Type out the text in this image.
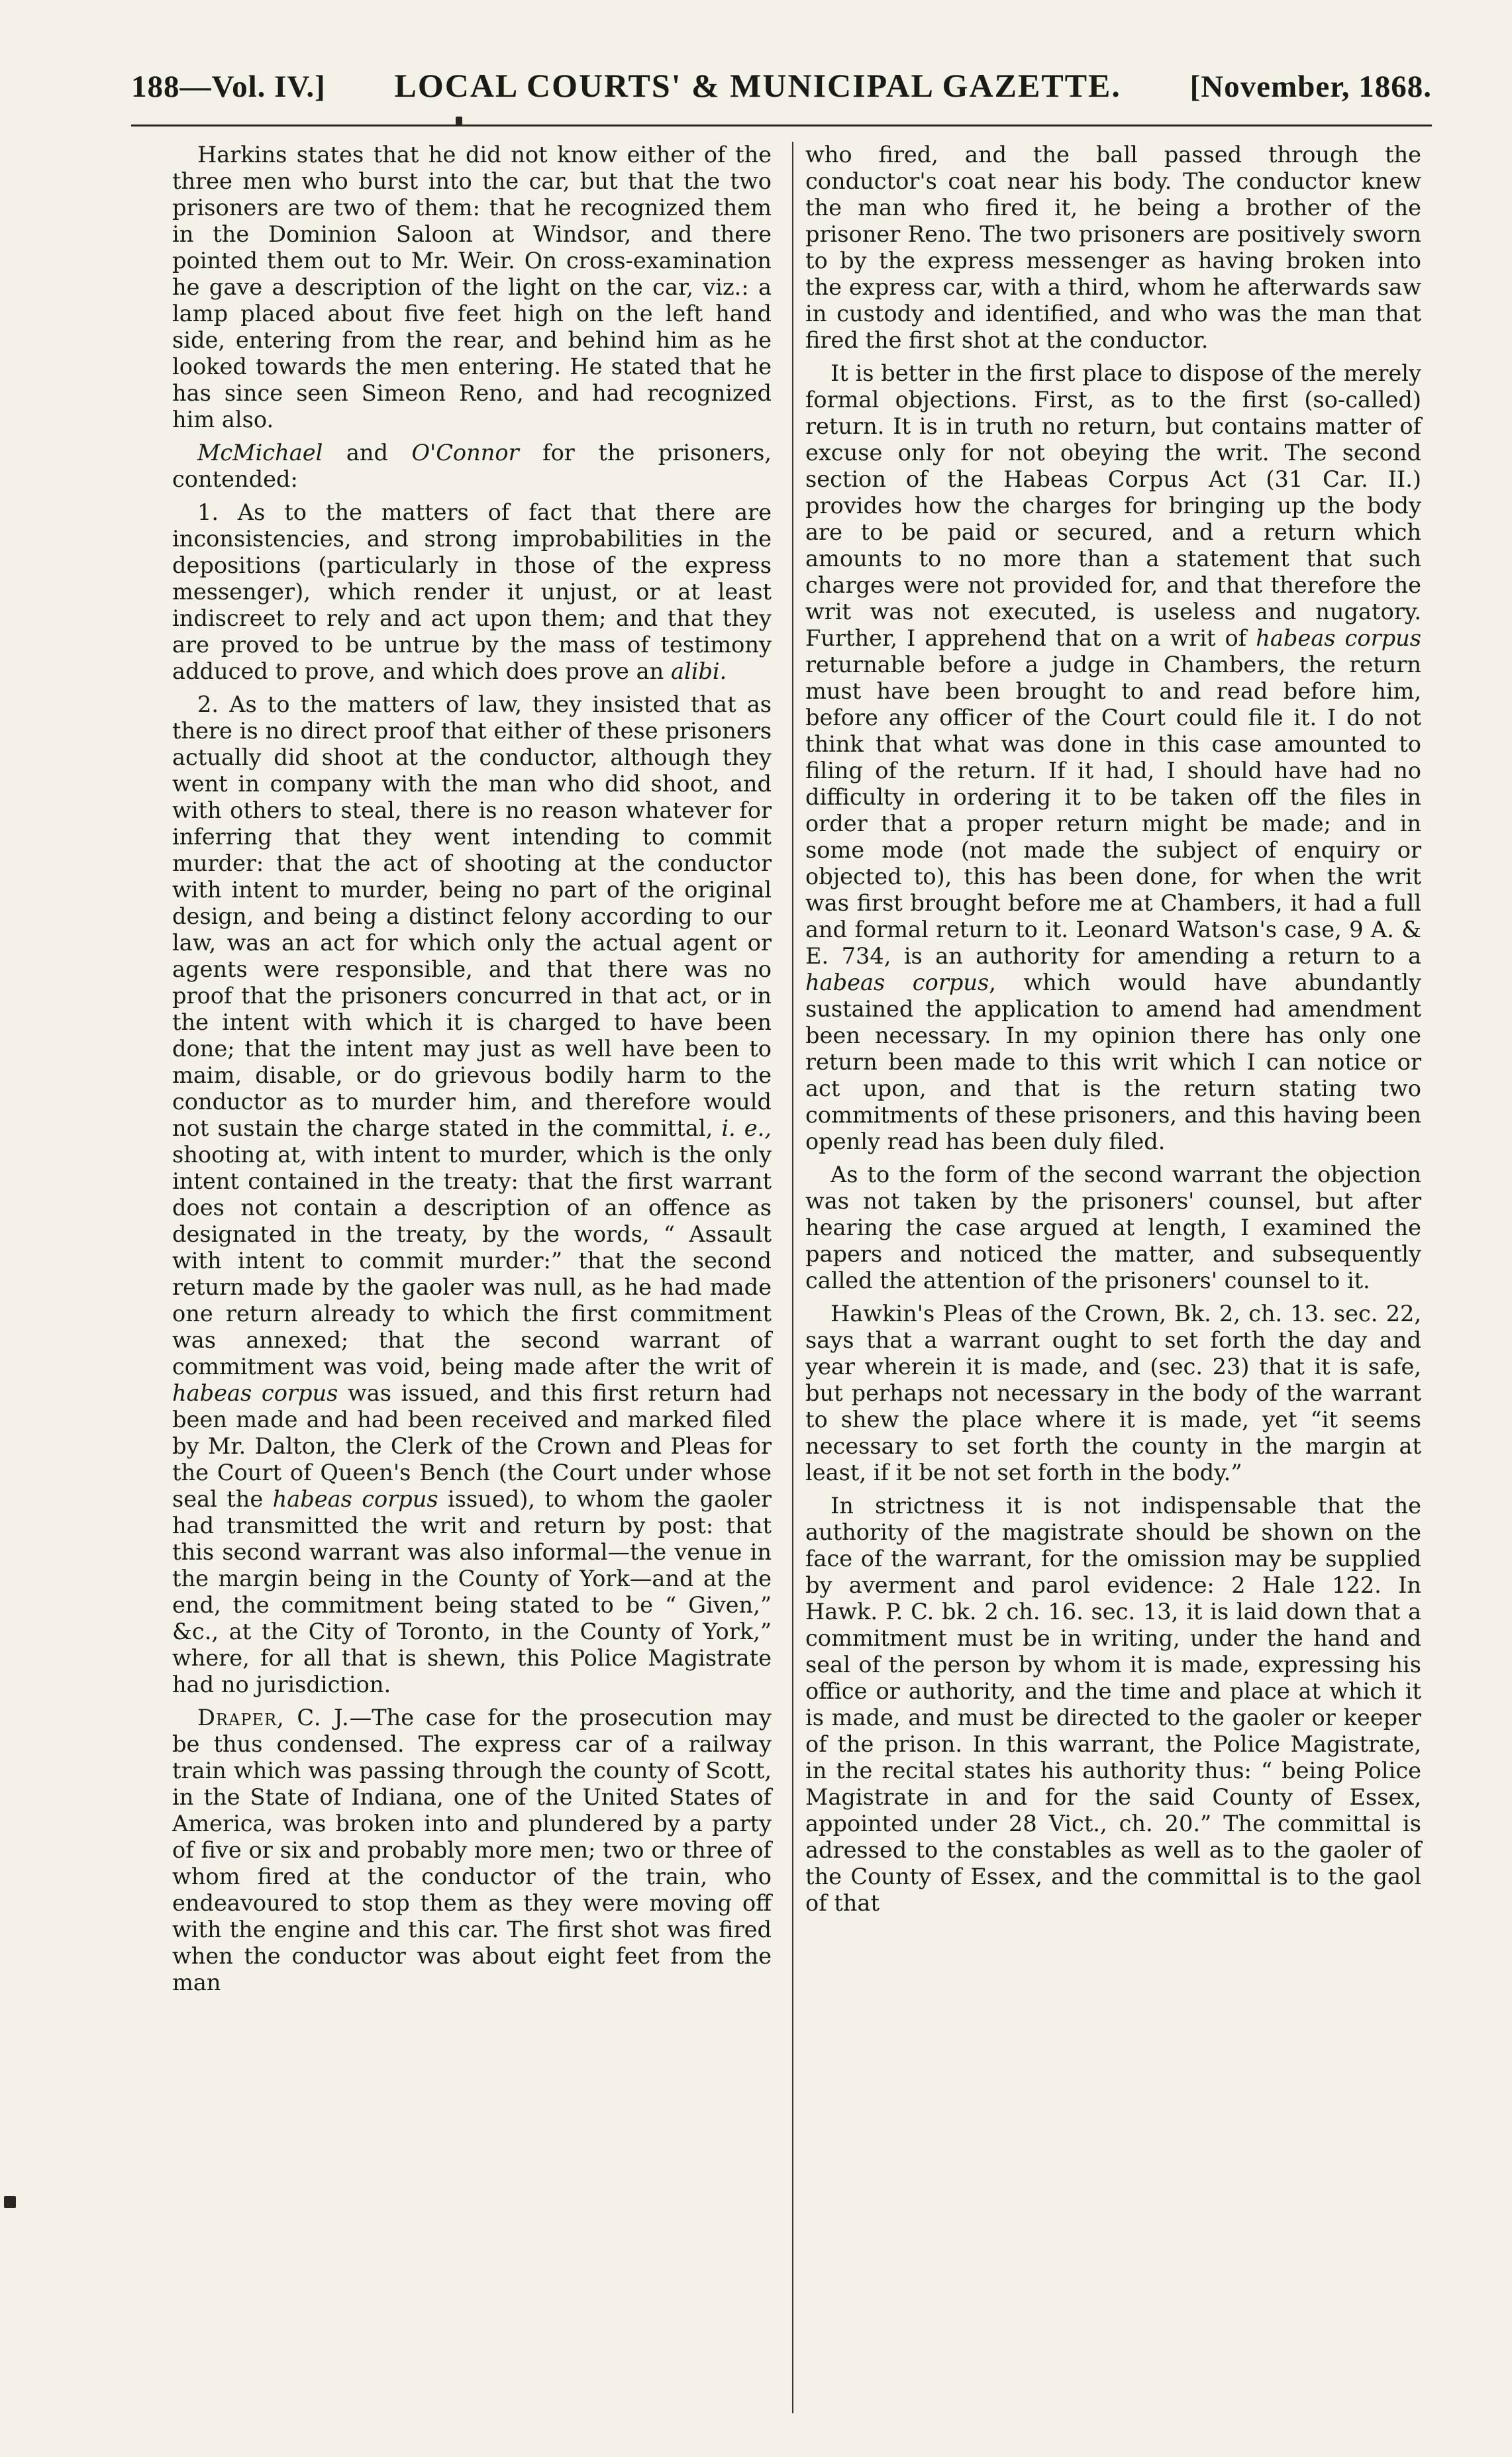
188—Vol. IV.] LOCAL COURTS' & MUNICIPAL GAZETTE. [November, 1868.

Harkins states that he did not know either of the three men who burst into the car, but that the two prisoners are two of them: that he recognized them in the Dominion Saloon at Windsor, and there pointed them out to Mr. Weir. On cross-examination he gave a description of the light on the car, viz.: a lamp placed about five feet high on the left hand side, entering from the rear, and behind him as he looked towards the men entering. He stated that he has since seen Simeon Reno, and had recognized him also.

McMichael and O'Connor for the prisoners, contended:

1. As to the matters of fact that there are inconsistencies, and strong improbabilities in the depositions (particularly in those of the express messenger), which render it unjust, or at least indiscreet to rely and act upon them; and that they are proved to be untrue by the mass of testimony adduced to prove, and which does prove an alibi.

2. As to the matters of law, they insisted that as there is no direct proof that either of these prisoners actually did shoot at the conductor, although they went in company with the man who did shoot, and with others to steal, there is no reason whatever for inferring that they went intending to commit murder: that the act of shooting at the conductor with intent to murder, being no part of the original design, and being a distinct felony according to our law, was an act for which only the actual agent or agents were responsible, and that there was no proof that the prisoners concurred in that act, or in the intent with which it is charged to have been done; that the intent may just as well have been to maim, disable, or do grievous bodily harm to the conductor as to murder him, and therefore would not sustain the charge stated in the committal, i. e., shooting at, with intent to murder, which is the only intent contained in the treaty: that the first warrant does not contain a description of an offence as designated in the treaty, by the words, “ Assault with intent to commit murder:” that the second return made by the gaoler was null, as he had made one return already to which the first commitment was annexed; that the second warrant of commitment was void, being made after the writ of habeas corpus was issued, and this first return had been made and had been received and marked filed by Mr. Dalton, the Clerk of the Crown and Pleas for the Court of Queen's Bench (the Court under whose seal the habeas corpus issued), to whom the gaoler had transmitted the writ and return by post: that this second warrant was also informal—the venue in the margin being in the County of York—and at the end, the commitment being stated to be “ Given,” &c., at the City of Toronto, in the County of York,” where, for all that is shewn, this Police Magistrate had no jurisdiction.

Draper, C. J.—The case for the prosecution may be thus condensed. The express car of a railway train which was passing through the county of Scott, in the State of Indiana, one of the United States of America, was broken into and plundered by a party of five or six and probably more men; two or three of whom fired at the conductor of the train, who endeavoured to stop them as they were moving off with the engine and this car. The first shot was fired when the conductor was about eight feet from the man

who fired, and the ball passed through the conductor's coat near his body. The conductor knew the man who fired it, he being a brother of the prisoner Reno. The two prisoners are positively sworn to by the express messenger as having broken into the express car, with a third, whom he afterwards saw in custody and identified, and who was the man that fired the first shot at the conductor.

It is better in the first place to dispose of the merely formal objections. First, as to the first (so-called) return. It is in truth no return, but contains matter of excuse only for not obeying the writ. The second section of the Habeas Corpus Act (31 Car. II.) provides how the charges for bringing up the body are to be paid or secured, and a return which amounts to no more than a statement that such charges were not provided for, and that therefore the writ was not executed, is useless and nugatory. Further, I apprehend that on a writ of habeas corpus returnable before a judge in Chambers, the return must have been brought to and read before him, before any officer of the Court could file it. I do not think that what was done in this case amounted to filing of the return. If it had, I should have had no difficulty in ordering it to be taken off the files in order that a proper return might be made; and in some mode (not made the subject of enquiry or objected to), this has been done, for when the writ was first brought before me at Chambers, it had a full and formal return to it. Leonard Watson's case, 9 A. & E. 734, is an authority for amending a return to a habeas corpus, which would have abundantly sustained the application to amend had amendment been necessary. In my opinion there has only one return been made to this writ which I can notice or act upon, and that is the return stating two commitments of these prisoners, and this having been openly read has been duly filed.

As to the form of the second warrant the objection was not taken by the prisoners' counsel, but after hearing the case argued at length, I examined the papers and noticed the matter, and subsequently called the attention of the prisoners' counsel to it.

Hawkin's Pleas of the Crown, Bk. 2, ch. 13. sec. 22, says that a warrant ought to set forth the day and year wherein it is made, and (sec. 23) that it is safe, but perhaps not necessary in the body of the warrant to shew the place where it is made, yet “it seems necessary to set forth the county in the margin at least, if it be not set forth in the body.”

In strictness it is not indispensable that the authority of the magistrate should be shown on the face of the warrant, for the omission may be supplied by averment and parol evidence: 2 Hale 122. In Hawk. P. C. bk. 2 ch. 16. sec. 13, it is laid down that a commitment must be in writing, under the hand and seal of the person by whom it is made, expressing his office or authority, and the time and place at which it is made, and must be directed to the gaoler or keeper of the prison. In this warrant, the Police Magistrate, in the recital states his authority thus: “ being Police Magistrate in and for the said County of Essex, appointed under 28 Vict., ch. 20.” The committal is adressed to the constables as well as to the gaoler of the County of Essex, and the committal is to the gaol of that
